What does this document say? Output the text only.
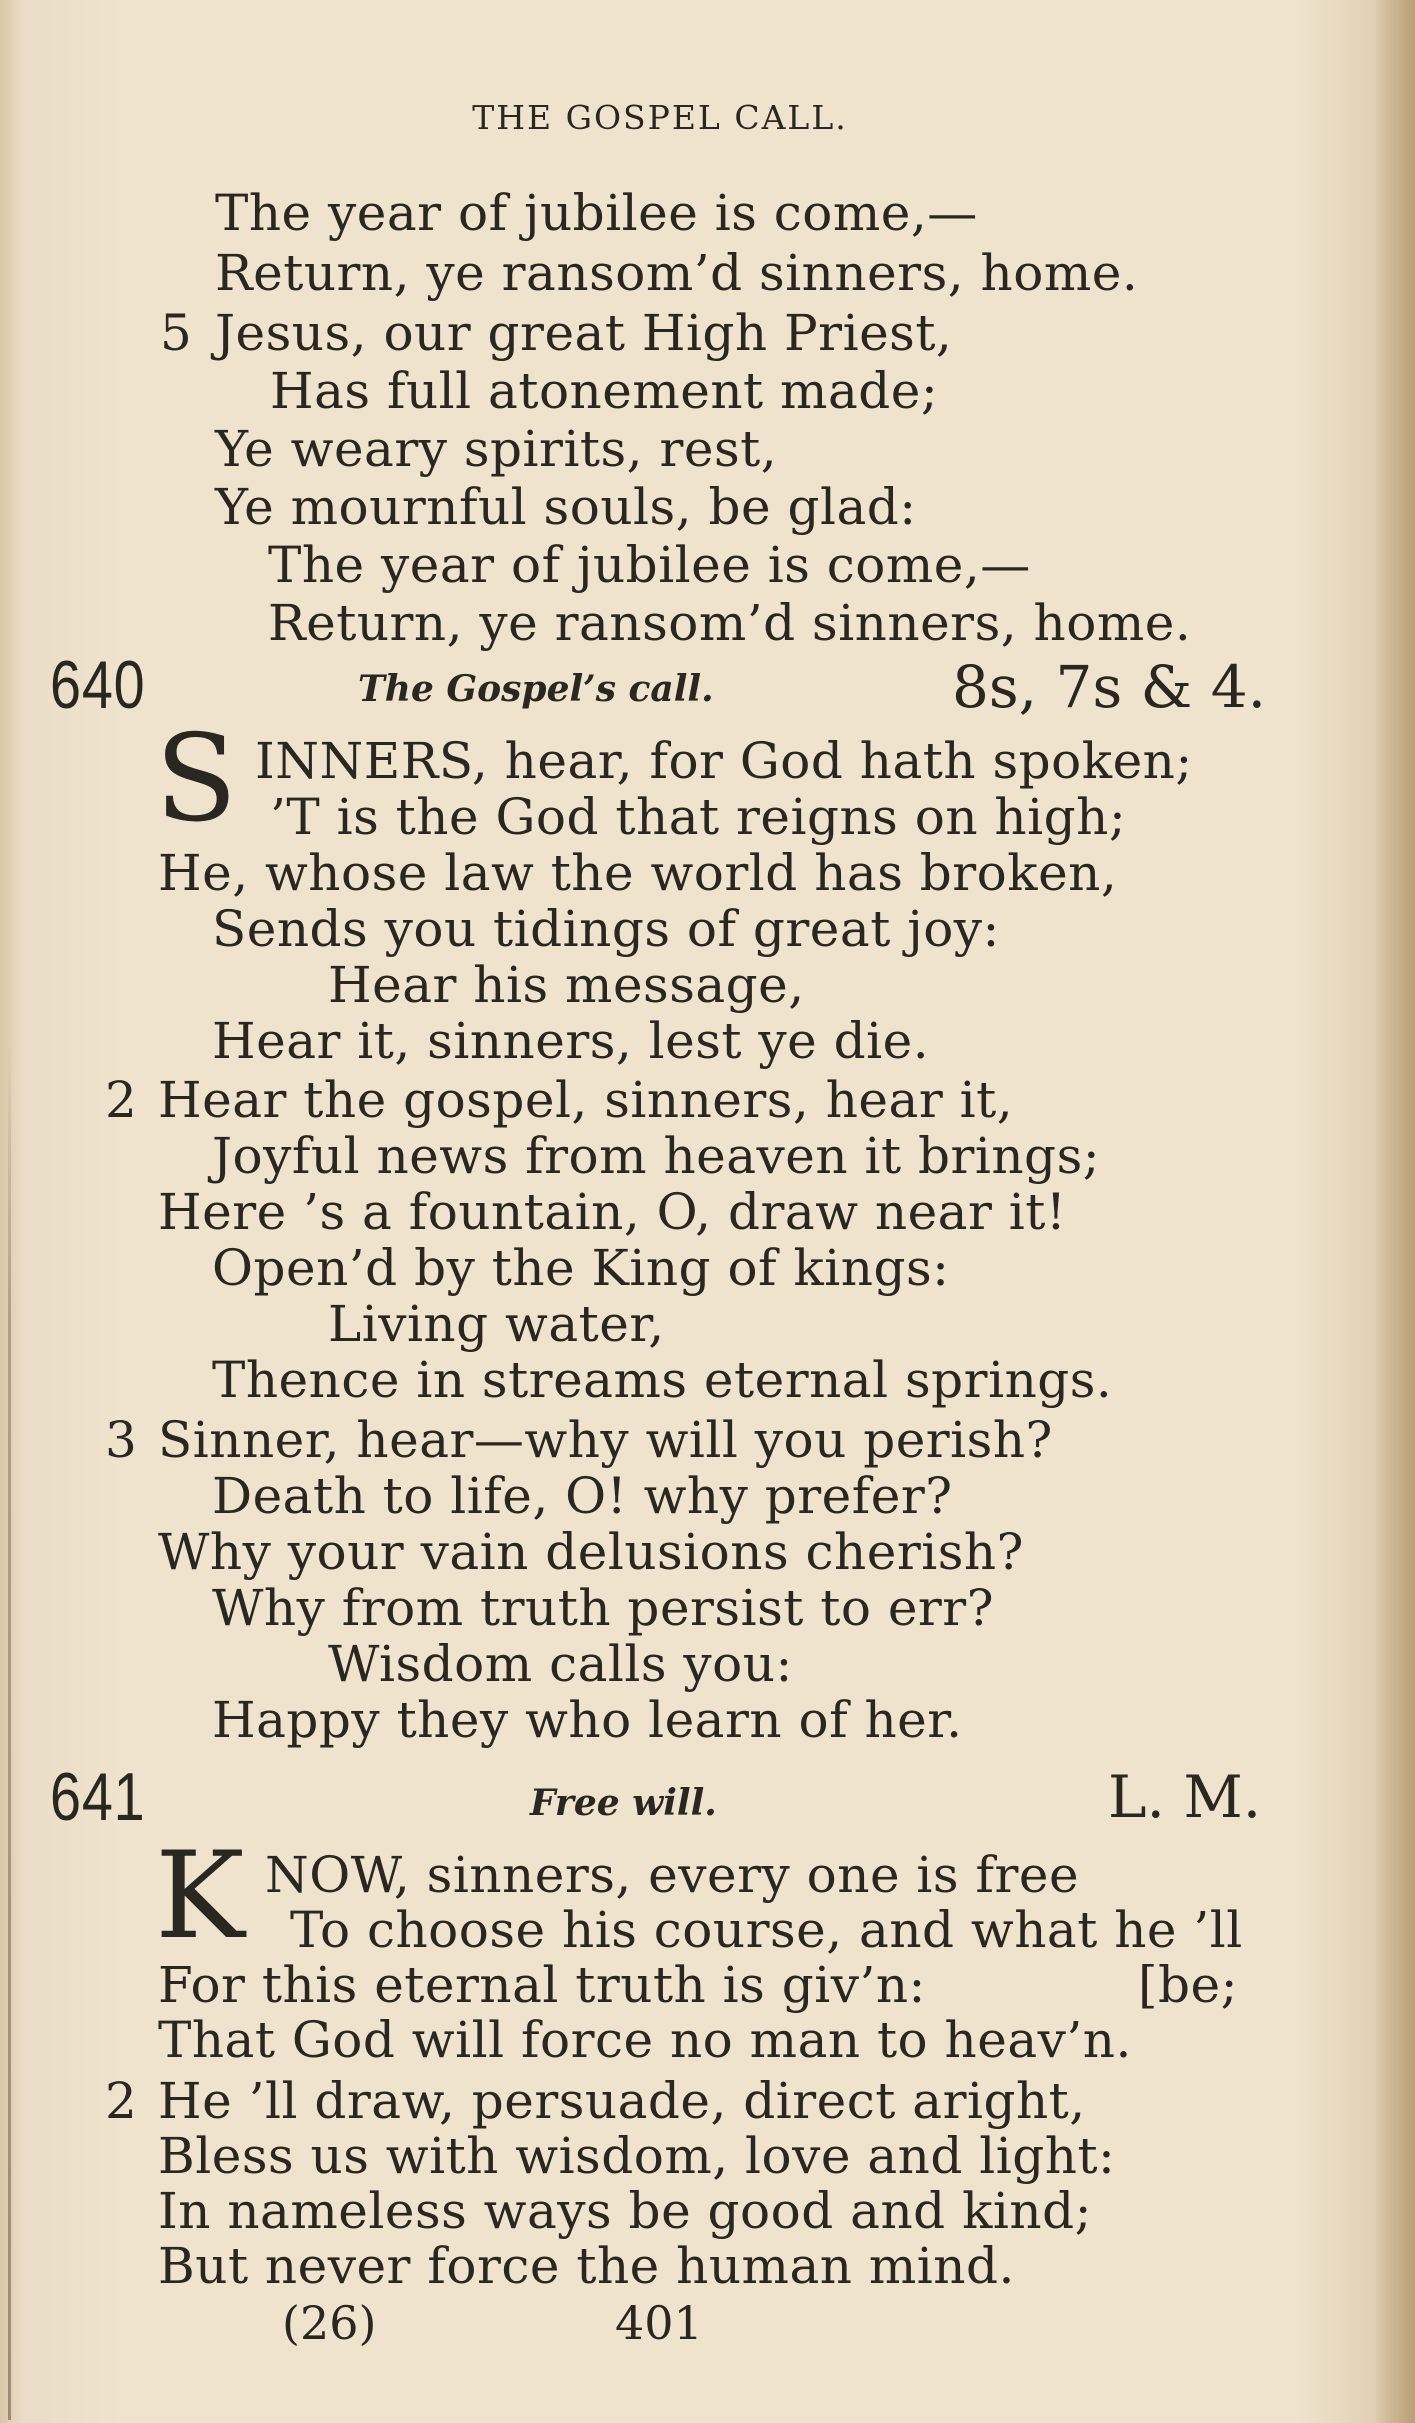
THE GOSPEL CALL.
The year of jubilee is come,—
Return, ye ransom’d sinners, home.
5 Jesus, our great High Priest,
Has full atonement made;
Ye weary spirits, rest,
Ye mournful souls, be glad:
The year of jubilee is come,—
Return, ye ransom’d sinners, home.
640	The Gospel’s call.	8s, 7s & 4.
S INNERS, hear, for God hath spoken;
’T is the God that reigns on high;
He, whose law the world has broken,
Sends you tidings of great joy:
Hear his message,
Hear it, sinners, lest ye die.
2 Hear the gospel, sinners, hear it,
Joyful news from heaven it brings;
Here ’s a fountain, O, draw near it!
Open’d by the King of kings:
Living water,
Thence in streams eternal springs.
3 Sinner, hear—why will you perish?
Death to life, O! why prefer?
Why your vain delusions cherish?
Why from truth persist to err?
Wisdom calls you:
Happy they who learn of her.
641	Free will.	L. M.
K NOW, sinners, every one is free
To choose his course, and what he ’ll
For this eternal truth is giv’n:	[be;
That God will force no man to heav’n.
2 He ’ll draw, persuade, direct aright,
Bless us with wisdom, love and light:
In nameless ways be good and kind;
But never force the human mind.
(26)	401
